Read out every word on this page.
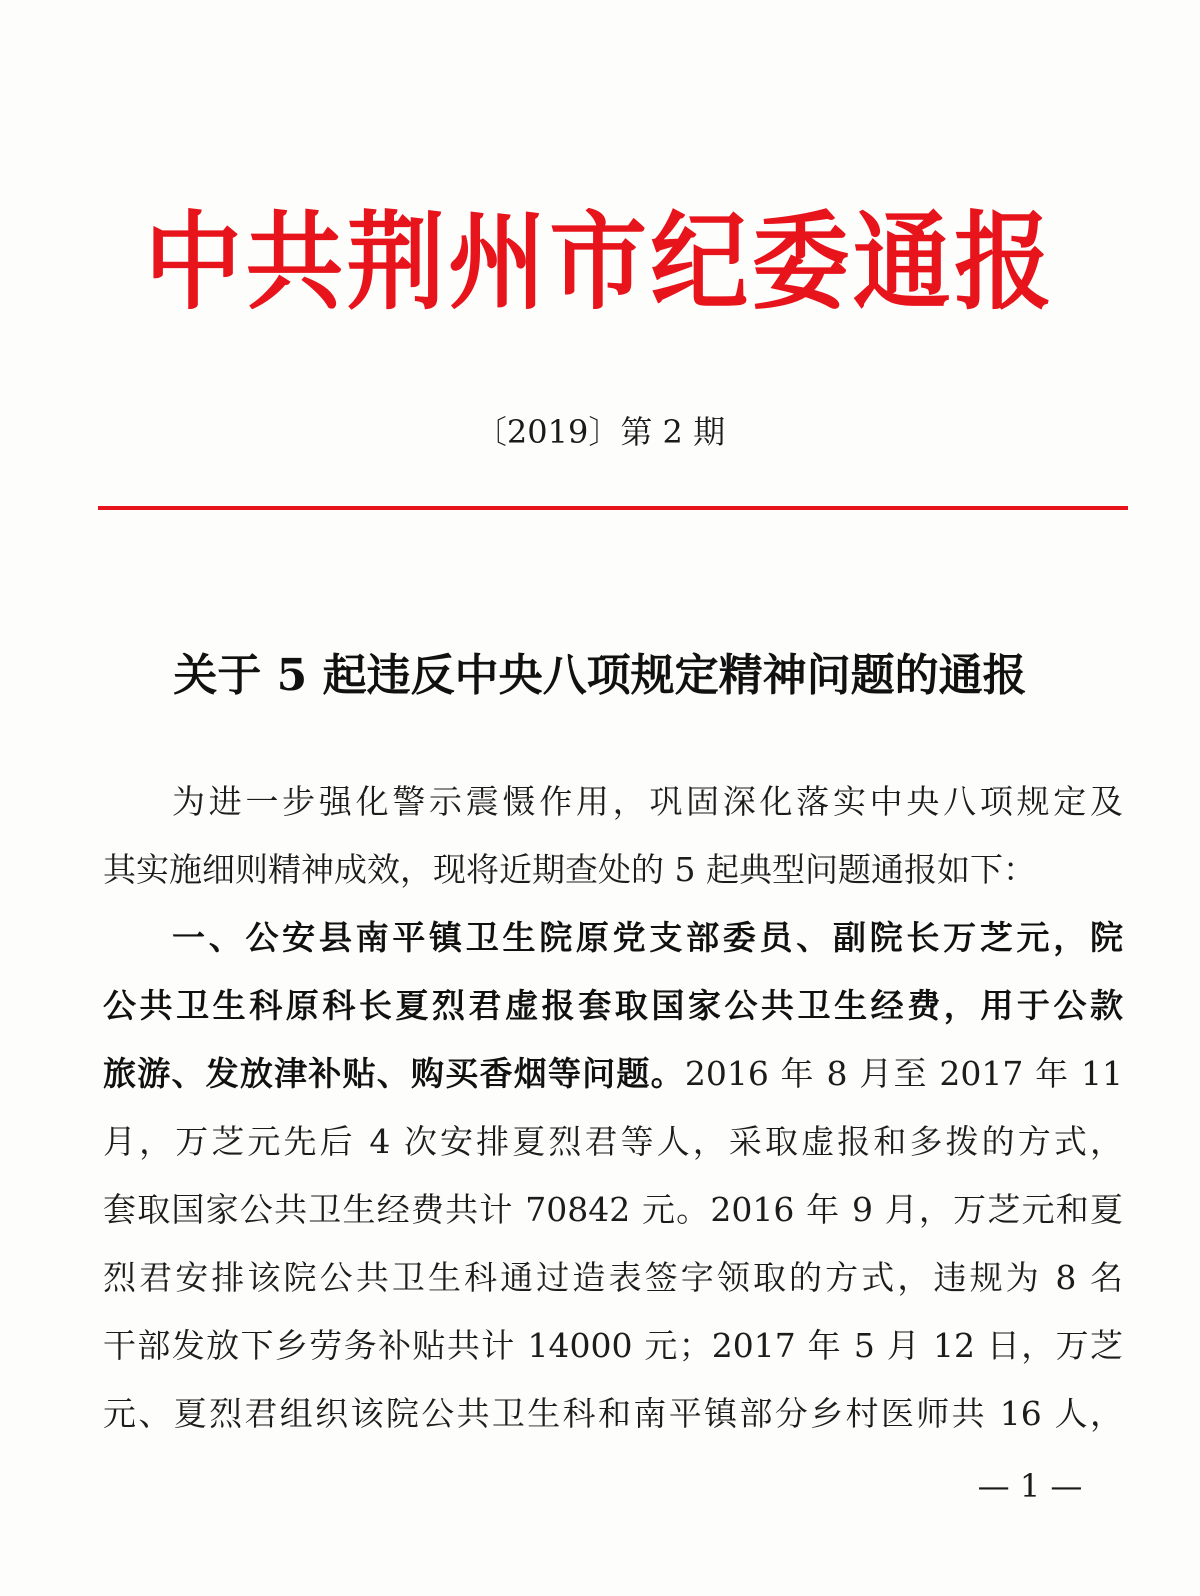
中共荆州市纪委通报
〔2019〕第 2 期
关于 5 起违反中央八项规定精神问题的通报
为进一步强化警示震慑作用，巩固深化落实中央八项规定及
其实施细则精神成效，现将近期查处的 5 起典型问题通报如下：
一、公安县南平镇卫生院原党支部委员、副院长万芝元，院
公共卫生科原科长夏烈君虚报套取国家公共卫生经费，用于公款
旅游、发放津补贴、购买香烟等问题。2016 年 8 月至 2017 年 11
月，万芝元先后 4 次安排夏烈君等人，采取虚报和多拨的方式，
套取国家公共卫生经费共计 70842 元。2016 年 9 月，万芝元和夏
烈君安排该院公共卫生科通过造表签字领取的方式，违规为 8 名
干部发放下乡劳务补贴共计 14000 元；2017 年 5 月 12 日，万芝
元、夏烈君组织该院公共卫生科和南平镇部分乡村医师共 16 人，
— 1 —
